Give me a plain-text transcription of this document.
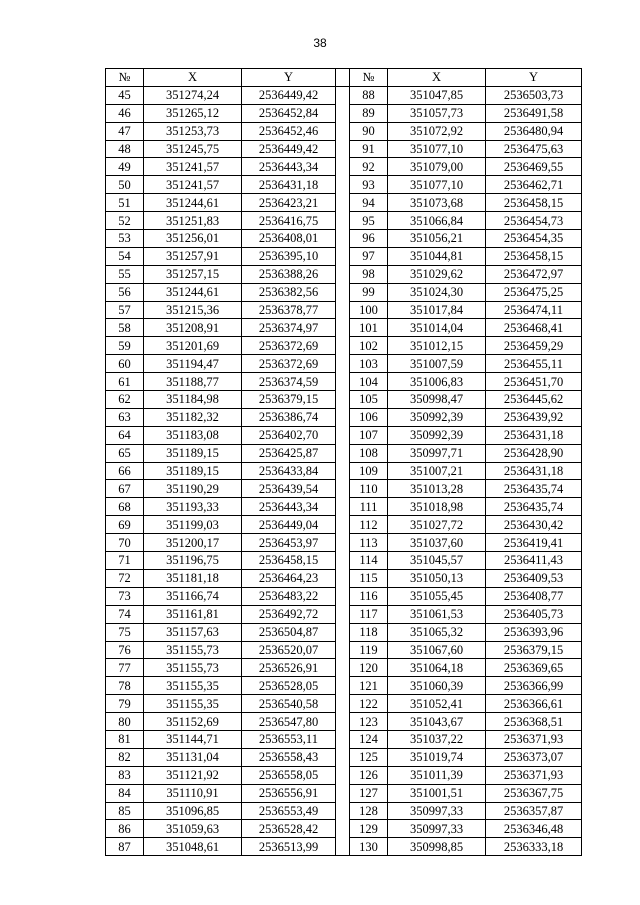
38
№	X	Y		№	X	Y
45	351274,24	2536449,42		88	351047,85	2536503,73
46	351265,12	2536452,84		89	351057,73	2536491,58
47	351253,73	2536452,46		90	351072,92	2536480,94
48	351245,75	2536449,42		91	351077,10	2536475,63
49	351241,57	2536443,34		92	351079,00	2536469,55
50	351241,57	2536431,18		93	351077,10	2536462,71
51	351244,61	2536423,21		94	351073,68	2536458,15
52	351251,83	2536416,75		95	351066,84	2536454,73
53	351256,01	2536408,01		96	351056,21	2536454,35
54	351257,91	2536395,10		97	351044,81	2536458,15
55	351257,15	2536388,26		98	351029,62	2536472,97
56	351244,61	2536382,56		99	351024,30	2536475,25
57	351215,36	2536378,77		100	351017,84	2536474,11
58	351208,91	2536374,97		101	351014,04	2536468,41
59	351201,69	2536372,69		102	351012,15	2536459,29
60	351194,47	2536372,69		103	351007,59	2536455,11
61	351188,77	2536374,59		104	351006,83	2536451,70
62	351184,98	2536379,15		105	350998,47	2536445,62
63	351182,32	2536386,74		106	350992,39	2536439,92
64	351183,08	2536402,70		107	350992,39	2536431,18
65	351189,15	2536425,87		108	350997,71	2536428,90
66	351189,15	2536433,84		109	351007,21	2536431,18
67	351190,29	2536439,54		110	351013,28	2536435,74
68	351193,33	2536443,34		111	351018,98	2536435,74
69	351199,03	2536449,04		112	351027,72	2536430,42
70	351200,17	2536453,97		113	351037,60	2536419,41
71	351196,75	2536458,15		114	351045,57	2536411,43
72	351181,18	2536464,23		115	351050,13	2536409,53
73	351166,74	2536483,22		116	351055,45	2536408,77
74	351161,81	2536492,72		117	351061,53	2536405,73
75	351157,63	2536504,87		118	351065,32	2536393,96
76	351155,73	2536520,07		119	351067,60	2536379,15
77	351155,73	2536526,91		120	351064,18	2536369,65
78	351155,35	2536528,05		121	351060,39	2536366,99
79	351155,35	2536540,58		122	351052,41	2536366,61
80	351152,69	2536547,80		123	351043,67	2536368,51
81	351144,71	2536553,11		124	351037,22	2536371,93
82	351131,04	2536558,43		125	351019,74	2536373,07
83	351121,92	2536558,05		126	351011,39	2536371,93
84	351110,91	2536556,91		127	351001,51	2536367,75
85	351096,85	2536553,49		128	350997,33	2536357,87
86	351059,63	2536528,42		129	350997,33	2536346,48
87	351048,61	2536513,99		130	350998,85	2536333,18
